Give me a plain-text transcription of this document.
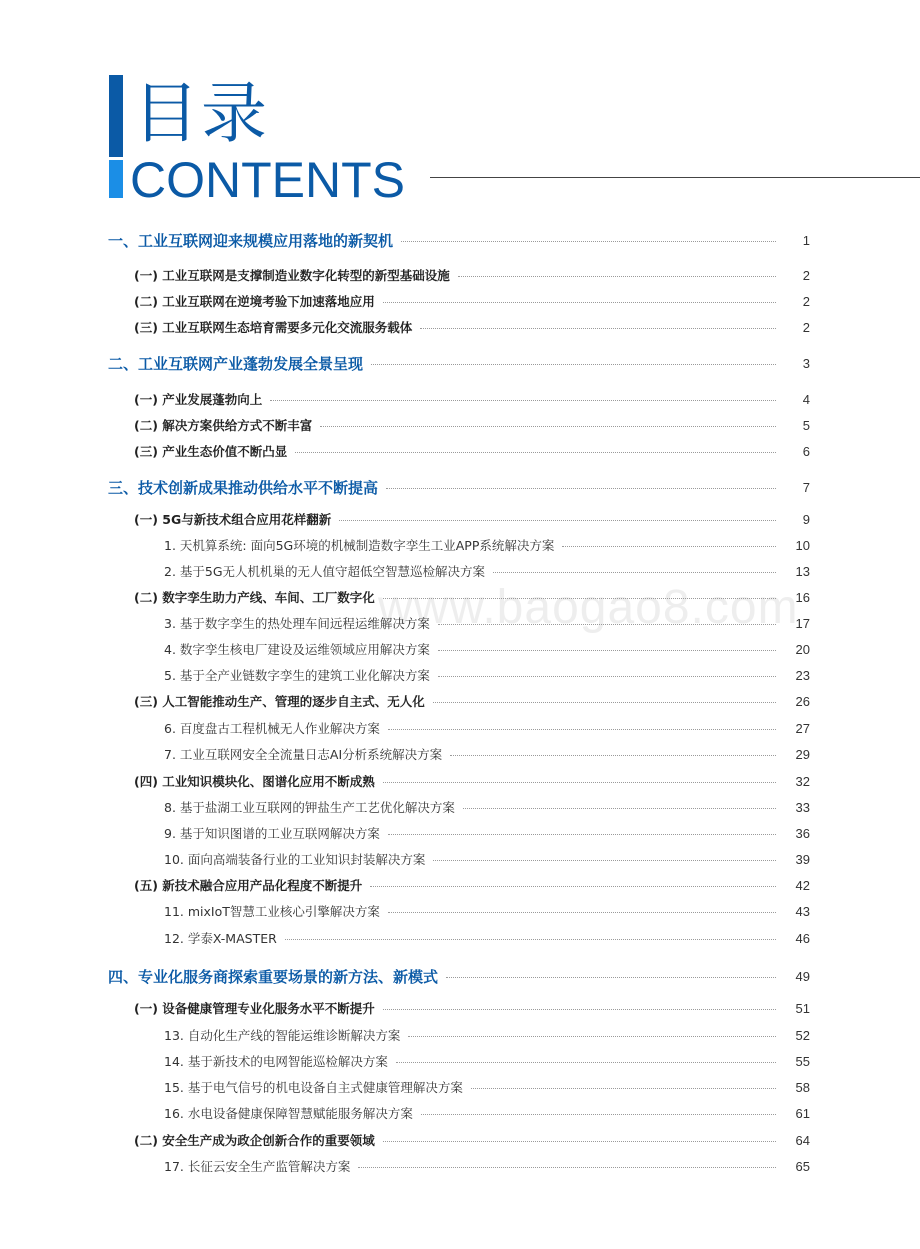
目录
CONTENTS
www.baogao8.com
一、工业互联网迎来规模应用落地的新契机	1
(一) 工业互联网是支撑制造业数字化转型的新型基础设施	2
(二) 工业互联网在逆境考验下加速落地应用	2
(三) 工业互联网生态培育需要多元化交流服务载体	2
二、工业互联网产业蓬勃发展全景呈现	3
(一) 产业发展蓬勃向上	4
(二) 解决方案供给方式不断丰富	5
(三) 产业生态价值不断凸显	6
三、技术创新成果推动供给水平不断提高	7
(一) 5G与新技术组合应用花样翻新	9
1. 天机算系统: 面向5G环境的机械制造数字孪生工业APP系统解决方案	10
2. 基于5G无人机机巢的无人值守超低空智慧巡检解决方案	13
(二) 数字孪生助力产线、车间、工厂数字化	16
3. 基于数字孪生的热处理车间远程运维解决方案	17
4. 数字孪生核电厂建设及运维领域应用解决方案	20
5. 基于全产业链数字孪生的建筑工业化解决方案	23
(三) 人工智能推动生产、管理的逐步自主式、无人化	26
6. 百度盘古工程机械无人作业解决方案	27
7. 工业互联网安全全流量日志AI分析系统解决方案	29
(四) 工业知识模块化、图谱化应用不断成熟	32
8. 基于盐湖工业互联网的钾盐生产工艺优化解决方案	33
9. 基于知识图谱的工业互联网解决方案	36
10. 面向高端装备行业的工业知识封装解决方案	39
(五) 新技术融合应用产品化程度不断提升	42
11. mixIoT智慧工业核心引擎解决方案	43
12. 学泰X-MASTER	46
四、专业化服务商探索重要场景的新方法、新模式	49
(一) 设备健康管理专业化服务水平不断提升	51
13. 自动化生产线的智能运维诊断解决方案	52
14. 基于新技术的电网智能巡检解决方案	55
15. 基于电气信号的机电设备自主式健康管理解决方案	58
16. 水电设备健康保障智慧赋能服务解决方案	61
(二) 安全生产成为政企创新合作的重要领域	64
17. 长征云安全生产监管解决方案	65
